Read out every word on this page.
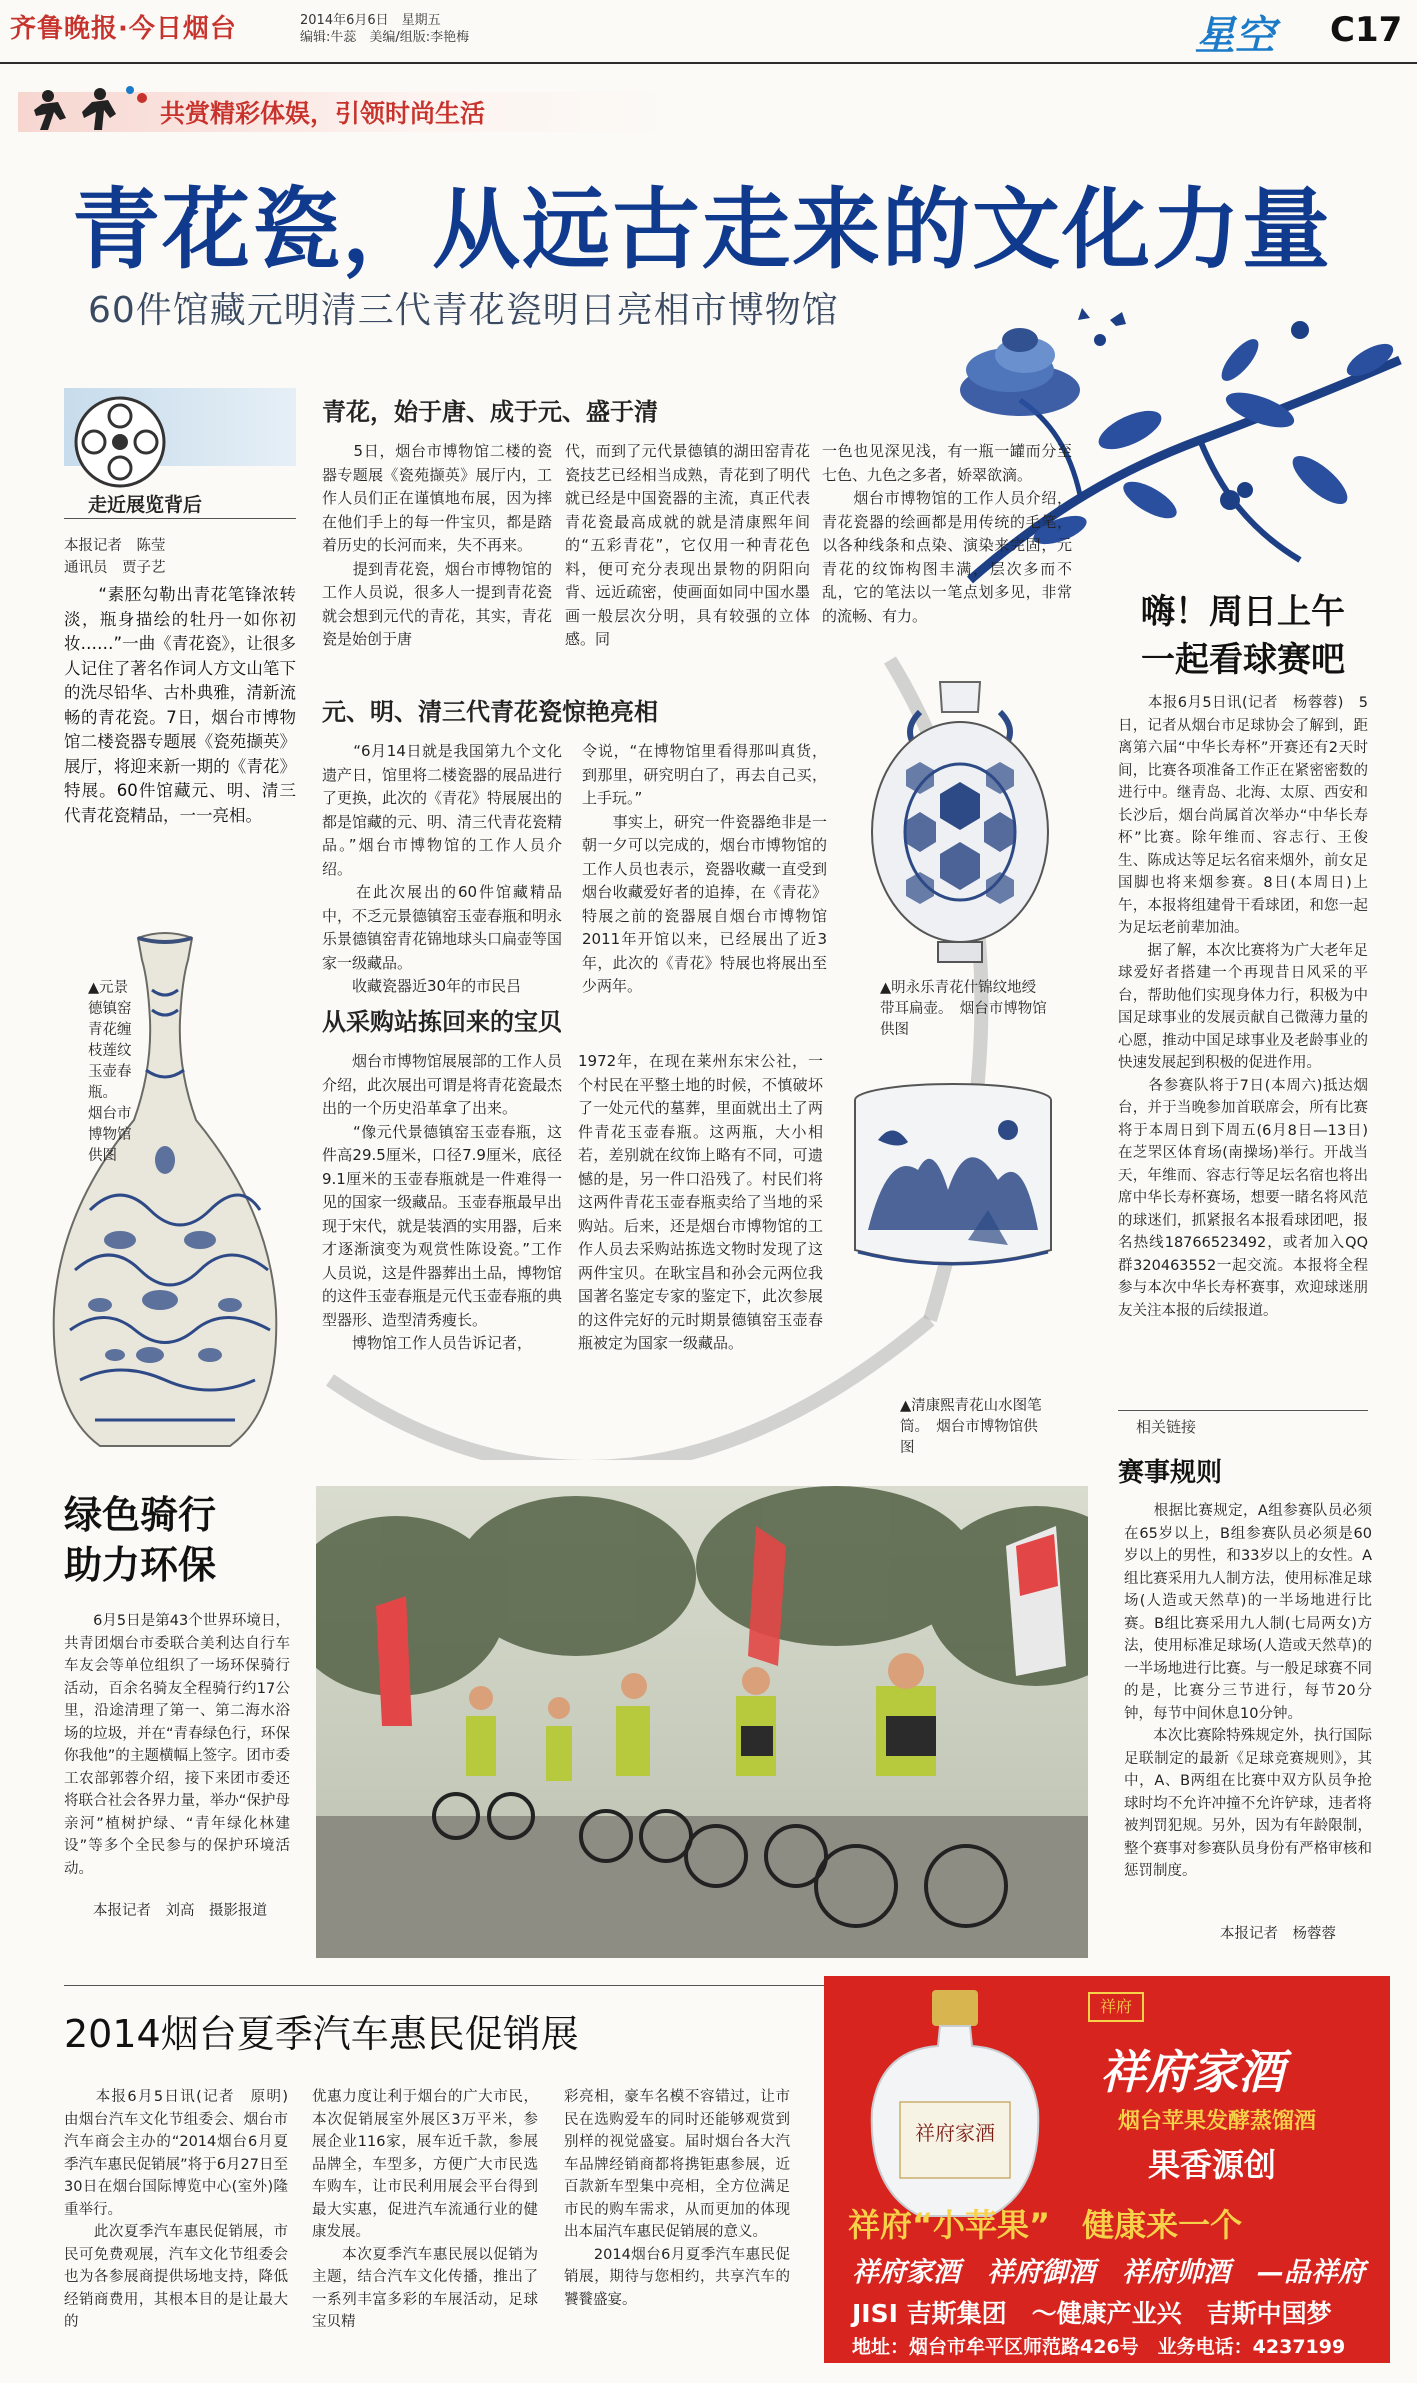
齐鲁晚报·今日烟台	2014年6月6日　星期五
编辑:牛蕊　美编/组版:李艳梅	星空 C17
共赏精彩体娱，引领时尚生活
青花瓷，从远古走来的文化力量
60件馆藏元明清三代青花瓷明日亮相市博物馆
走近展览背后
本报记者　陈莹
通讯员　贾子艺
　　“素胚勾勒出青花笔锋浓转淡，瓶身描绘的牡丹一如你初妆……”一曲《青花瓷》，让很多人记住了著名作词人方文山笔下的洗尽铅华、古朴典雅，清新流畅的青花瓷。7日，烟台市博物馆二楼瓷器专题展《瓷苑撷英》展厅，将迎来新一期的《青花》特展。60件馆藏元、明、清三代青花瓷精品，一一亮相。
▲元景德镇窑青花缠枝莲纹玉壶春瓶。　烟台市博物馆供图
青花，始于唐、成于元、盛于清
　　5日，烟台市博物馆二楼的瓷器专题展《瓷苑撷英》展厅内，工作人员们正在谨慎地布展，因为摔在他们手上的每一件宝贝，都是踏着历史的长河而来，失不再来。
　　提到青花瓷，烟台市博物馆的工作人员说，很多人一提到青花瓷就会想到元代的青花，其实，青花瓷是始创于唐
代，而到了元代景德镇的湖田窑青花瓷技艺已经相当成熟，青花到了明代就已经是中国瓷器的主流，真正代表青花瓷最高成就的就是清康熙年间的“五彩青花”，它仅用一种青花色料，便可充分表现出景物的阴阳向背、远近疏密，使画面如同中国水墨画一般层次分明，具有较强的立体感。同
一色也见深见浅，有一瓶一罐而分至七色、九色之多者，娇翠欲滴。
　　烟台市博物馆的工作人员介绍，青花瓷器的绘画都是用传统的毛笔，以各种线条和点染、演染来完固，元青花的纹饰构图丰满，层次多而不乱，它的笔法以一笔点划多见，非常的流畅、有力。
元、明、清三代青花瓷惊艳亮相
　　“6月14日就是我国第九个文化遗产日，馆里将二楼瓷器的展品进行了更换，此次的《青花》特展展出的都是馆藏的元、明、清三代青花瓷精品。”烟台市博物馆的工作人员介绍。
　　在此次展出的60件馆藏精品中，不乏元景德镇窑玉壶春瓶和明永乐景德镇窑青花锦地球头口扁壶等国家一级藏品。
　　收藏瓷器近30年的市民吕
令说，“在博物馆里看得那叫真货，到那里，研究明白了，再去自己买，上手玩。”
　　事实上，研究一件瓷器绝非是一朝一夕可以完成的，烟台市博物馆的工作人员也表示，瓷器收藏一直受到烟台收藏爱好者的追捧，在《青花》特展之前的瓷器展自烟台市博物馆2011年开馆以来，已经展出了近3年，此次的《青花》特展也将展出至少两年。	▲明永乐青花什锦纹地绶带耳扁壶。　烟台市博物馆供图
从采购站拣回来的宝贝
　　烟台市博物馆展展部的工作人员介绍，此次展出可谓是将青花瓷最杰出的一个历史沿革拿了出来。
　　“像元代景德镇窑玉壶春瓶，这件高29.5厘米，口径7.9厘米，底径9.1厘米的玉壶春瓶就是一件难得一见的国家一级藏品。玉壶春瓶最早出现于宋代，就是装酒的实用器，后来才逐渐演变为观赏性陈设瓷。”工作人员说，这是件器葬出土品，博物馆的这件玉壶春瓶是元代玉壶春瓶的典型器形、造型清秀瘦长。
　　博物馆工作人员告诉记者，
1972年，在现在莱州东宋公社，一个村民在平整土地的时候，不慎破坏了一处元代的墓葬，里面就出土了两件青花玉壶春瓶。这两瓶，大小相若，差别就在纹饰上略有不同，可遗憾的是，另一件口沿残了。村民们将这两件青花玉壶春瓶卖给了当地的采购站。后来，还是烟台市博物馆的工作人员去采购站拣选文物时发现了这两件宝贝。在耿宝昌和孙会元两位我国著名鉴定专家的鉴定下，此次参展的这件完好的元时期景德镇窑玉壶春瓶被定为国家一级藏品。
▲清康熙青花山水图笔筒。　烟台市博物馆供图
嗨！周日上午
一起看球赛吧
　　本报6月5日讯(记者　杨蓉蓉)　5日，记者从烟台市足球协会了解到，距离第六届“中华长寿杯”开赛还有2天时间，比赛各项准备工作正在紧密密数的进行中。继青岛、北海、太原、西安和长沙后，烟台尚属首次举办“中华长寿杯”比赛。除年维而、容志行、王俊生、陈成达等足坛名宿来烟外，前女足国脚也将来烟参赛。8日(本周日)上午，本报将组建骨干看球团，和您一起为足坛老前辈加油。
　　据了解，本次比赛将为广大老年足球爱好者搭建一个再现昔日风采的平台，帮助他们实现身体力行，积极为中国足球事业的发展贡献自己微薄力量的心愿，推动中国足球事业及老龄事业的快速发展起到积极的促进作用。
　　各参赛队将于7日(本周六)抵达烟台，并于当晚参加首联席会，所有比赛将于本周日到下周五(6月8日—13日)在芝罘区体育场(南操场)举行。开战当天，年维而、容志行等足坛名宿也将出席中华长寿杯赛场，想要一睹名将风范的球迷们，抓紧报名本报看球团吧，报名热线18766523492，或者加入QQ群320463552一起交流。本报将全程参与本次中华长寿杯赛事，欢迎球迷朋友关注本报的后续报道。
相关链接
赛事规则
　　根据比赛规定，A组参赛队员必须在65岁以上，B组参赛队员必须是60岁以上的男性，和33岁以上的女性。A组比赛采用九人制方法，使用标准足球场(人造或天然草)的一半场地进行比赛。B组比赛采用九人制(七局两女)方法，使用标准足球场(人造或天然草)的一半场地进行比赛。与一般足球赛不同的是，比赛分三节进行，每节20分钟，每节中间休息10分钟。
　　本次比赛除特殊规定外，执行国际足联制定的最新《足球竞赛规则》，其中，A、B两组在比赛中双方队员争抢球时均不允许冲撞不允许铲球，违者将被判罚犯规。另外，因为有年龄限制，整个赛事对参赛队员身份有严格审核和惩罚制度。
本报记者　杨蓉蓉
绿色骑行
助力环保
　　6月5日是第43个世界环境日，共青团烟台市委联合美利达自行车车友会等单位组织了一场环保骑行活动，百余名骑友全程骑行约17公里，沿途清理了第一、第二海水浴场的垃圾，并在“青春绿色行，环保你我他”的主题横幅上签字。团市委工农部郭蓉介绍，接下来团市委还将联合社会各界力量，举办“保护母亲河”植树护绿、“青年绿化林建设”等多个全民参与的保护环境活动。
　　本报记者　刘高　摄影报道
2014烟台夏季汽车惠民促销展
　　本报6月5日讯(记者　原明)　由烟台汽车文化节组委会、烟台市汽车商会主办的“2014烟台6月夏季汽车惠民促销展”将于6月27日至30日在烟台国际博览中心(室外)隆重举行。
　　此次夏季汽车惠民促销展，市民可免费观展，汽车文化节组委会也为各参展商提供场地支持，降低经销商费用，其根本目的是让最大的
优惠力度让利于烟台的广大市民，本次促销展室外展区3万平米，参展企业116家，展车近千款，参展品牌全，车型多，方便广大市民选车购车，让市民利用展会平台得到最大实惠，促进汽车流通行业的健康发展。
　　本次夏季汽车惠民展以促销为主题，结合汽车文化传播，推出了一系列丰富多彩的车展活动，足球宝贝精
彩亮相，豪车名模不容错过，让市民在选购爱车的同时还能够观赏到别样的视觉盛宴。届时烟台各大汽车品牌经销商都将携钜惠参展，近百款新车型集中亮相，全方位满足市民的购车需求，从而更加的体现出本届汽车惠民促销展的意义。
　　2014烟台6月夏季汽车惠民促销展，期待与您相约，共享汽车的饕餮盛宴。
祥府家酒
祥府
祥府家酒
烟台苹果发酵蒸馏酒
果香源创
祥府“小苹果”　健康来一个
祥府家酒　祥府御酒　祥府帅酒　—品祥府
JISI 吉斯集团　～健康产业兴　吉斯中国梦
地址：烟台市牟平区师范路426号　业务电话：4237199
